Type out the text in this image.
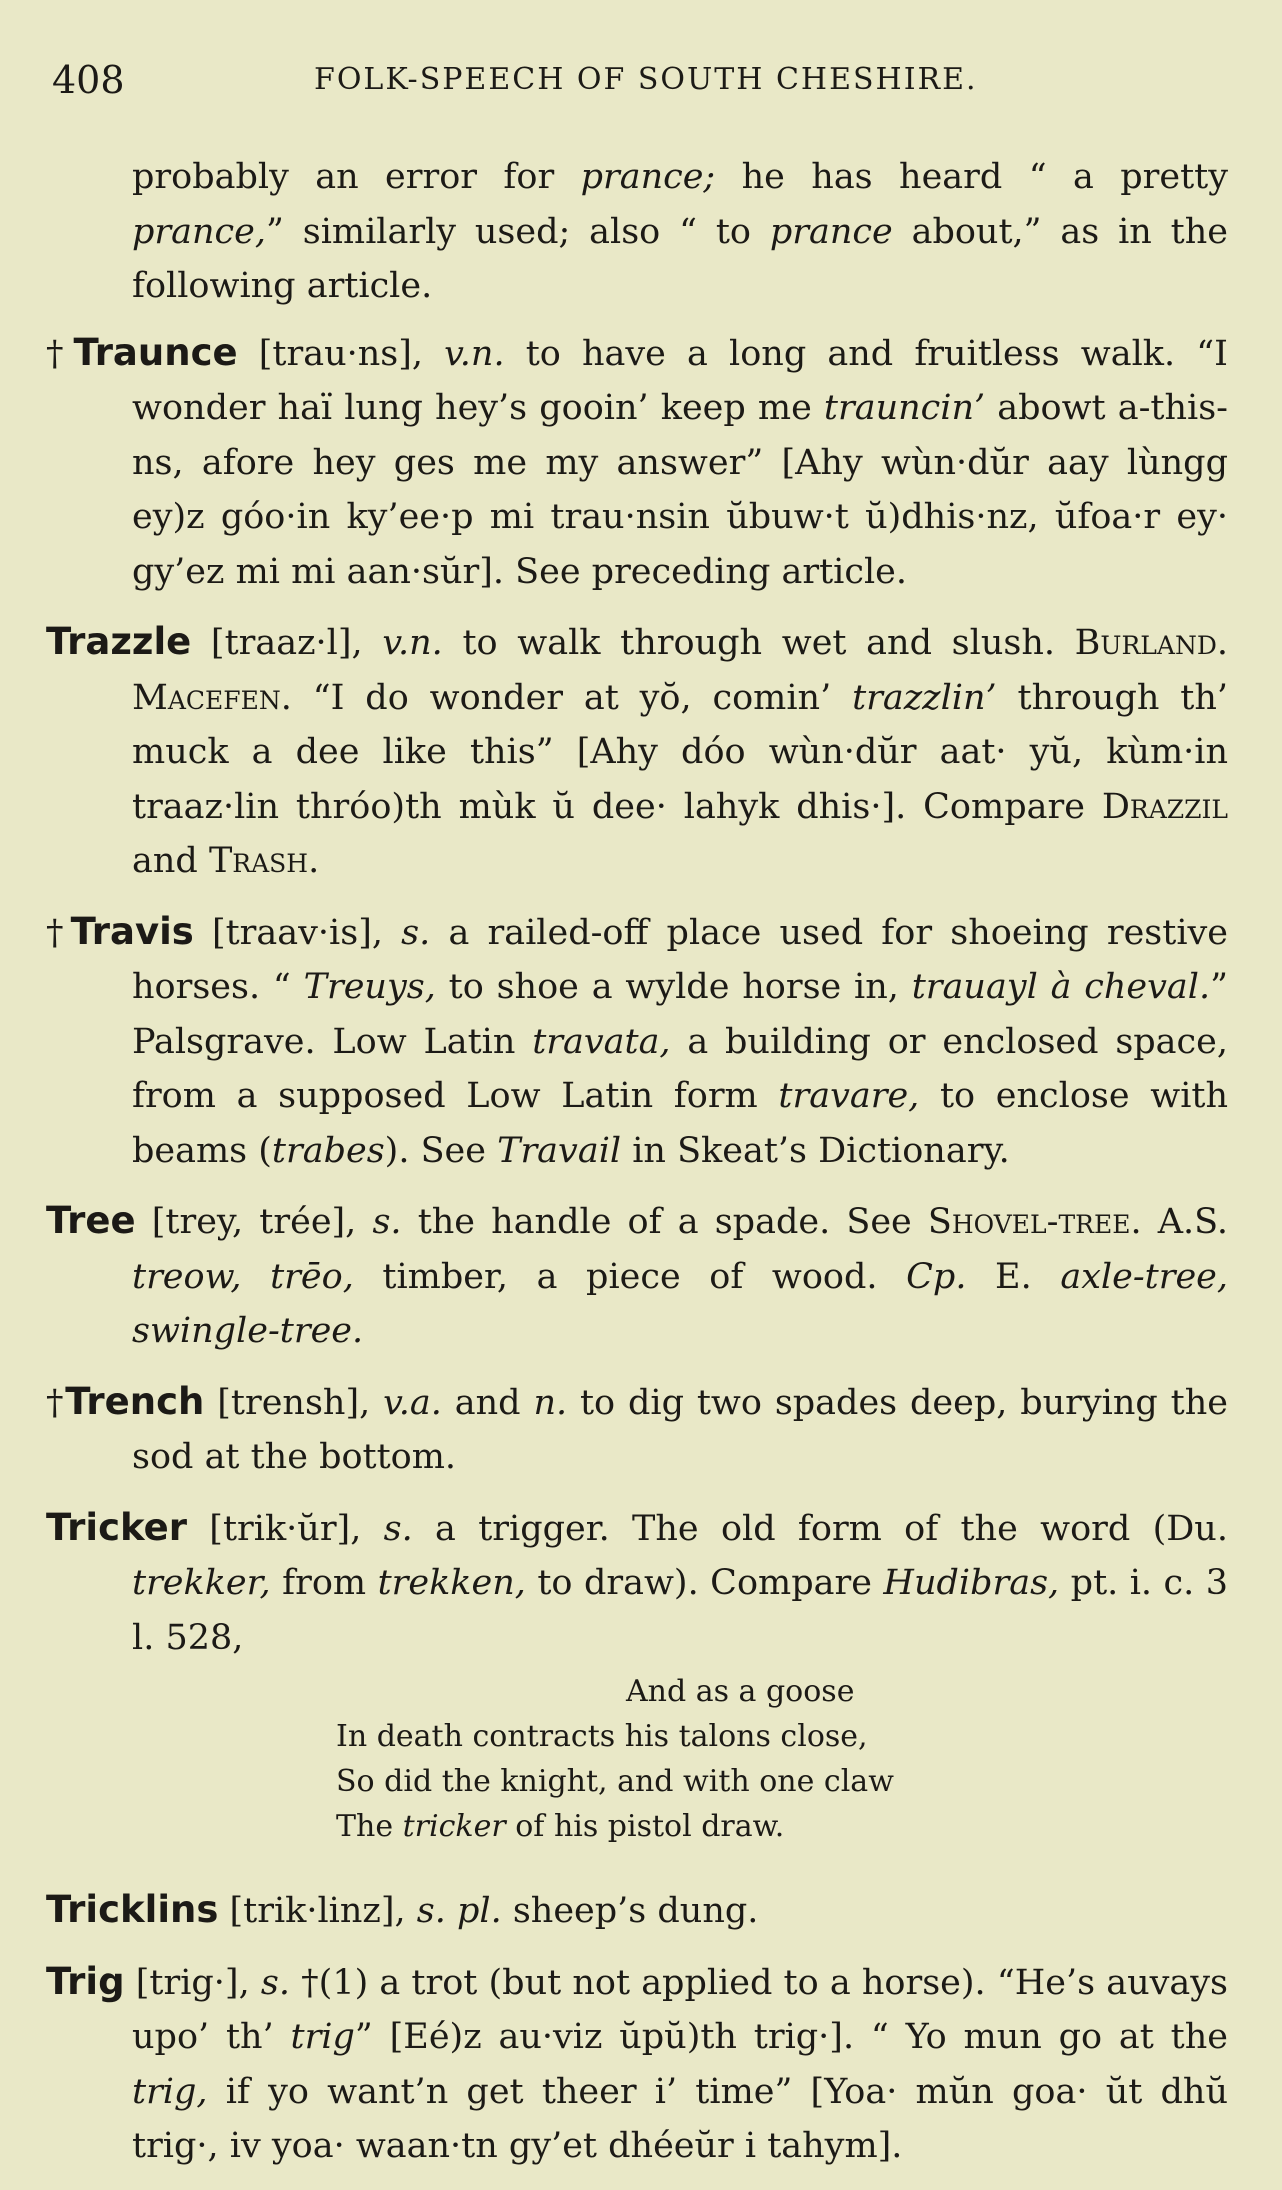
408	FOLK-SPEECH OF SOUTH CHESHIRE.

probably an error for prance; he has heard “ a pretty prance,” similarly used; also “ to prance about,” as in the following article.

†Traunce [trau·ns], v.n. to have a long and fruitless walk. “I wonder haï lung hey’s gooin’ keep me trauncin’ abowt a-this-ns, afore hey ges me my answer” [Ahy wùn·dŭr aay lùngg ey)z góo·in ky’ee·p mi trau·nsin ŭbuw·t ŭ)dhis·nz, ŭfoa·r ey· gy’ez mi mi aan·sŭr]. See preceding article.

Trazzle [traaz·l], v.n. to walk through wet and slush. Burland. Macefen. “I do wonder at yŏ, comin’ trazzlin’ through th’ muck a dee like this” [Ahy dóo wùn·dŭr aat· yŭ, kùm·in traaz·lin thróo)th mùk ŭ dee· lahyk dhis·]. Compare Drazzil and Trash.

†Travis [traav·is], s. a railed-off place used for shoeing restive horses. “ Treuys, to shoe a wylde horse in, trauayl à cheval.” Palsgrave. Low Latin travata, a building or enclosed space, from a supposed Low Latin form travare, to enclose with beams (trabes). See Travail in Skeat’s Dictionary.

Tree [trey, trée], s. the handle of a spade. See Shovel-tree. A.S. treow, trēo, timber, a piece of wood. Cp. E. axle-tree, swingle-tree.

†Trench [trensh], v.a. and n. to dig two spades deep, burying the sod at the bottom.

Tricker [trik·ŭr], s. a trigger. The old form of the word (Du. trekker, from trekken, to draw). Compare Hudibras, pt. i. c. 3 l. 528,

And as a goose
In death contracts his talons close,
So did the knight, and with one claw
The tricker of his pistol draw.

Tricklins [trik·linz], s. pl. sheep’s dung.

Trig [trig·], s. †(1) a trot (but not applied to a horse). “He’s auvays upo’ th’ trig” [Eé)z au·viz ŭpŭ)th trig·]. “ Yo mun go at the trig, if yo want’n get theer i’ time” [Yoa· mŭn goa· ŭt dhŭ trig·, iv yoa· waan·tn gy’et dhéeŭr i tahym].
